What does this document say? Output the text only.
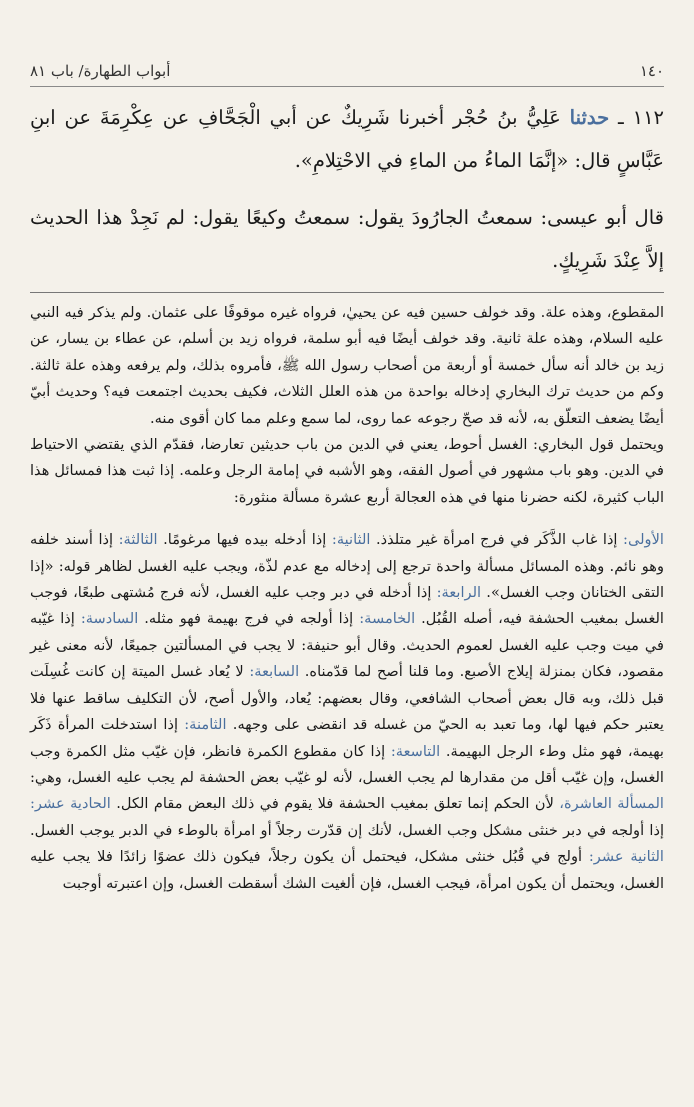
١٤٠
أبواب الطهارة/ باب ٨١

١١٢ ـ حدثنا عَلِيُّ بنُ حُجْر أخبرنا شَرِيكٌ عن أبي الْجَحَّافِ عن عِكْرِمَةَ عن ابنِ عَبَّاسٍ قال: «إنَّمَا الماءُ من الماءِ في الاحْتِلامِ».

قال أبو عيسى: سمعتُ الجارُودَ يقول: سمعتُ وكيعًا يقول: لم نَجِدْ هذا الحديث إلاَّ عِنْدَ شَرِيكٍ.

المقطوع، وهذه علة. وقد خولف حسين فيه عن يحييٰ، فرواه غيره موقوفًا على عثمان. ولم يذكر فيه النبي عليه السلام، وهذه علة ثانية. وقد خولف أيضًا فيه أبو سلمة، فرواه زيد بن أسلم، عن عطاء بن يسار، عن زيد بن خالد أنه سأل خمسة أو أربعة من أصحاب رسول الله ﷺ، فأمروه بذلك، ولم يرفعه وهذه علة ثالثة. وكم من حديث ترك البخاري إدخاله بواحدة من هذه العلل الثلاث، فكيف بحديث اجتمعت فيه؟ وحديث أبيّ أيضًا يضعف التعلّق به، لأنه قد صحّ رجوعه عما روى، لما سمع وعلم مما كان أقوى منه.

ويحتمل قول البخاري: الغسل أحوط، يعني في الدين من باب حديثين تعارضا، فقدّم الذي يقتضي الاحتياط في الدين. وهو باب مشهور في أصول الفقه، وهو الأشبه في إمامة الرجل وعلمه. إذا ثبت هذا فمسائل هذا الباب كثيرة، لكنه حضرنا منها في هذه العجالة أربع عشرة مسألة منثورة:

الأولى: إذا غاب الذَّكَر في فرج امرأة غير متلذذ. الثانية: إذا أدخله بيده فيها مرغومًا. الثالثة: إذا أسند خلفه وهو نائم. وهذه المسائل مسألة واحدة ترجع إلى إدخاله مع عدم لذّة، ويجب عليه الغسل لظاهر قوله: «إذا التقى الختانان وجب الغسل». الرابعة: إذا أدخله في دبر وجب عليه الغسل، لأنه فرج مُشتهى طبعًا، فوجب الغسل بمغيب الحشفة فيه، أصله القُبُل. الخامسة: إذا أولجه في فرج بهيمة فهو مثله. السادسة: إذا غيّبه في ميت وجب عليه الغسل لعموم الحديث. وقال أبو حنيفة: لا يجب في المسألتين جميعًا، لأنه معنى غير مقصود، فكان بمنزلة إيلاج الأصبع. وما قلنا أصح لما قدّمناه. السابعة: لا يُعاد غسل الميتة إن كانت غُسِلَت قبل ذلك، وبه قال بعض أصحاب الشافعي، وقال بعضهم: يُعاد، والأول أصح، لأن التكليف ساقط عنها فلا يعتبر حكم فيها لها، وما تعبد به الحيّ من غسله قد انقضى على وجهه. الثامنة: إذا استدخلت المرأة ذَكَر بهيمة، فهو مثل وطء الرجل البهيمة. التاسعة: إذا كان مقطوع الكمرة فانظر، فإن غيّب مثل الكمرة وجب الغسل، وإن غيّب أقل من مقدارها لم يجب الغسل، لأنه لو غيّب بعض الحشفة لم يجب عليه الغسل، وهي: المسألة العاشرة، لأن الحكم إنما تعلق بمغيب الحشفة فلا يقوم في ذلك البعض مقام الكل. الحادية عشر: إذا أولجه في دبر خنثى مشكل وجب الغسل، لأنك إن قدّرت رجلاً أو امرأة بالوطء في الدبر يوجب الغسل. الثانية عشر: أولج في قُبُل خنثى مشكل، فيحتمل أن يكون رجلاً، فيكون ذلك عضوًا زائدًا فلا يجب عليه الغسل، ويحتمل أن يكون امرأة، فيجب الغسل، فإن ألغيت الشك أسقطت الغسل، وإن اعتبرته أوجبت
